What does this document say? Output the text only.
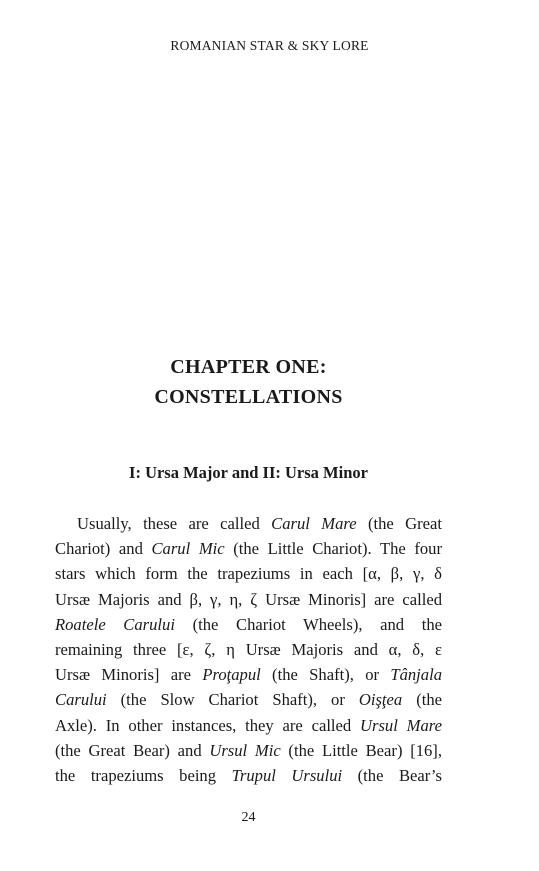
ROMANIAN STAR & SKY LORE
CHAPTER ONE:
CONSTELLATIONS
I: Ursa Major and II: Ursa Minor
Usually, these are called Carul Mare (the Great
Chariot) and Carul Mic (the Little Chariot). The four
stars which form the trapeziums in each [α, β, γ, δ
Ursæ Majoris and β, γ, η, ζ Ursæ Minoris] are called
Roatele Carului (the Chariot Wheels), and the
remaining three [ε, ζ, η Ursæ Majoris and α, δ, ε
Ursæ Minoris] are Proţapul (the Shaft), or Tânjala
Carului (the Slow Chariot Shaft), or Oişţea (the
Axle). In other instances, they are called Ursul Mare
(the Great Bear) and Ursul Mic (the Little Bear) [16],
the trapeziums being Trupul Ursului (the Bear’s
24
